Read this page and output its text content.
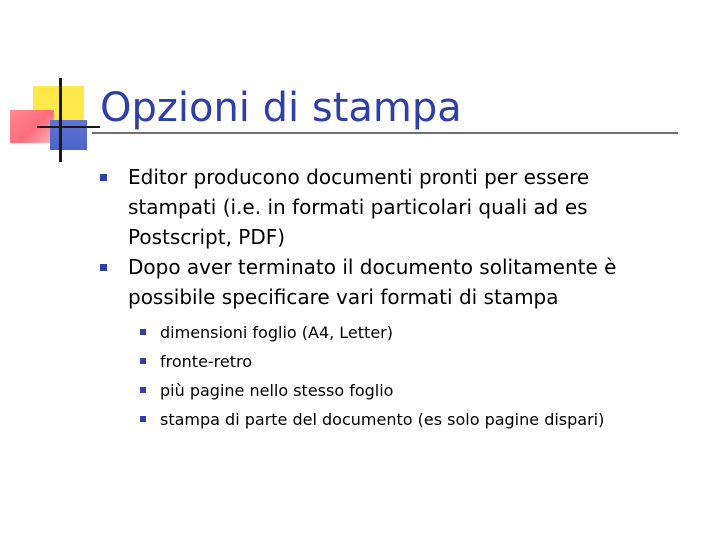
Opzioni di stampa
Editor producono documenti pronti per essere stampati (i.e. in formati particolari quali ad es Postscript, PDF)
Dopo aver terminato il documento solitamente è possibile specificare vari formati di stampa
dimensioni foglio (A4, Letter)
fronte-retro
più pagine nello stesso foglio
stampa di parte del documento (es solo pagine dispari)
